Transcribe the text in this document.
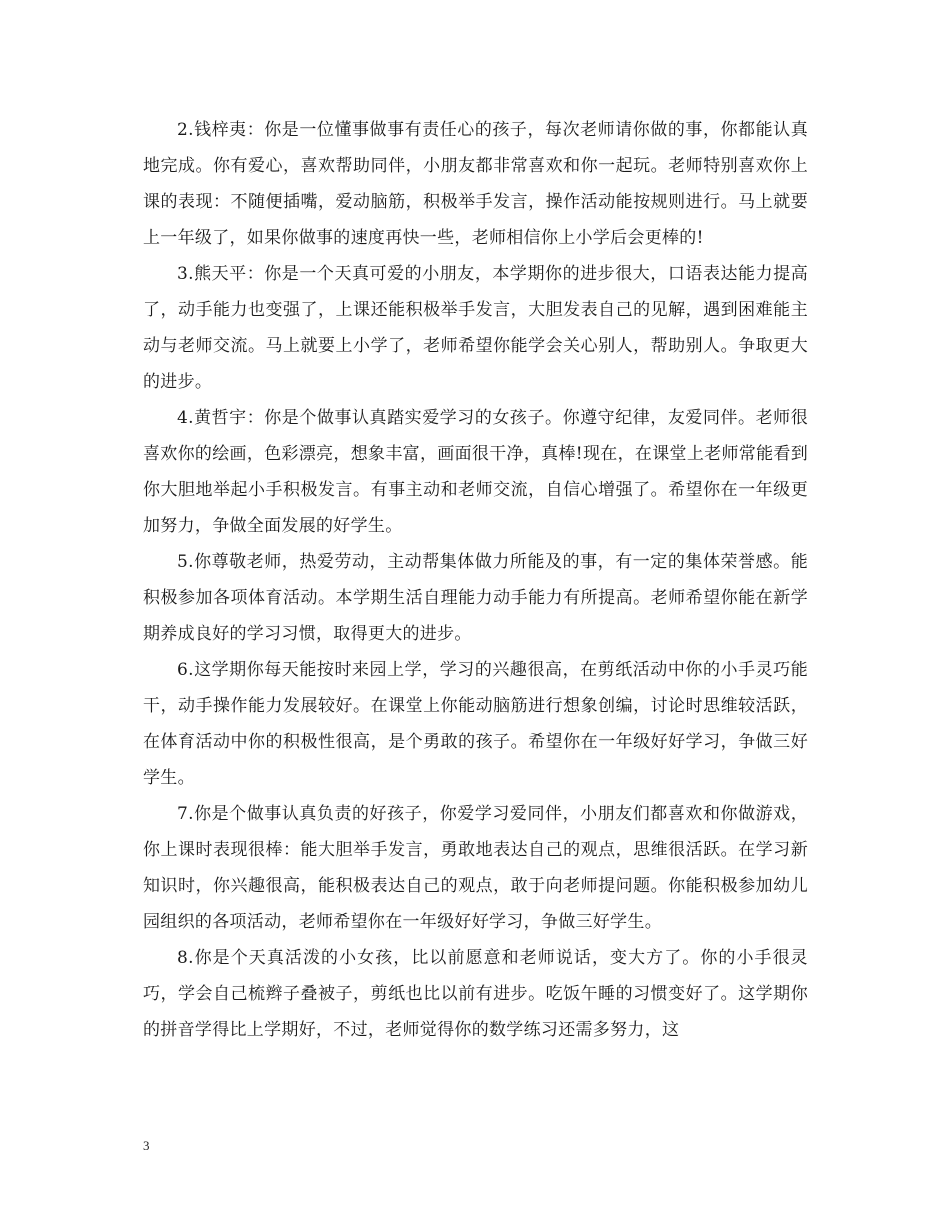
2.钱梓夷：你是一位懂事做事有责任心的孩子，每次老师请你做的事，你都能认真地完成。你有爱心，喜欢帮助同伴，小朋友都非常喜欢和你一起玩。老师特别喜欢你上课的表现：不随便插嘴，爱动脑筋，积极举手发言，操作活动能按规则进行。马上就要上一年级了，如果你做事的速度再快一些，老师相信你上小学后会更棒的!

3.熊天平：你是一个天真可爱的小朋友，本学期你的进步很大，口语表达能力提高了，动手能力也变强了，上课还能积极举手发言，大胆发表自己的见解，遇到困难能主动与老师交流。马上就要上小学了，老师希望你能学会关心别人，帮助别人。争取更大的进步。

4.黄哲宇：你是个做事认真踏实爱学习的女孩子。你遵守纪律，友爱同伴。老师很喜欢你的绘画，色彩漂亮，想象丰富，画面很干净，真棒!现在，在课堂上老师常能看到你大胆地举起小手积极发言。有事主动和老师交流，自信心增强了。希望你在一年级更加努力，争做全面发展的好学生。

5.你尊敬老师，热爱劳动，主动帮集体做力所能及的事，有一定的集体荣誉感。能积极参加各项体育活动。本学期生活自理能力动手能力有所提高。老师希望你能在新学期养成良好的学习习惯，取得更大的进步。

6.这学期你每天能按时来园上学，学习的兴趣很高，在剪纸活动中你的小手灵巧能干，动手操作能力发展较好。在课堂上你能动脑筋进行想象创编，讨论时思维较活跃，在体育活动中你的积极性很高，是个勇敢的孩子。希望你在一年级好好学习，争做三好学生。

7.你是个做事认真负责的好孩子，你爱学习爱同伴，小朋友们都喜欢和你做游戏，你上课时表现很棒：能大胆举手发言，勇敢地表达自己的观点，思维很活跃。在学习新知识时，你兴趣很高，能积极表达自己的观点，敢于向老师提问题。你能积极参加幼儿园组织的各项活动，老师希望你在一年级好好学习，争做三好学生。

8.你是个天真活泼的小女孩，比以前愿意和老师说话，变大方了。你的小手很灵巧，学会自己梳辫子叠被子，剪纸也比以前有进步。吃饭午睡的习惯变好了。这学期你的拼音学得比上学期好，不过，老师觉得你的数学练习还需多努力，这

3
